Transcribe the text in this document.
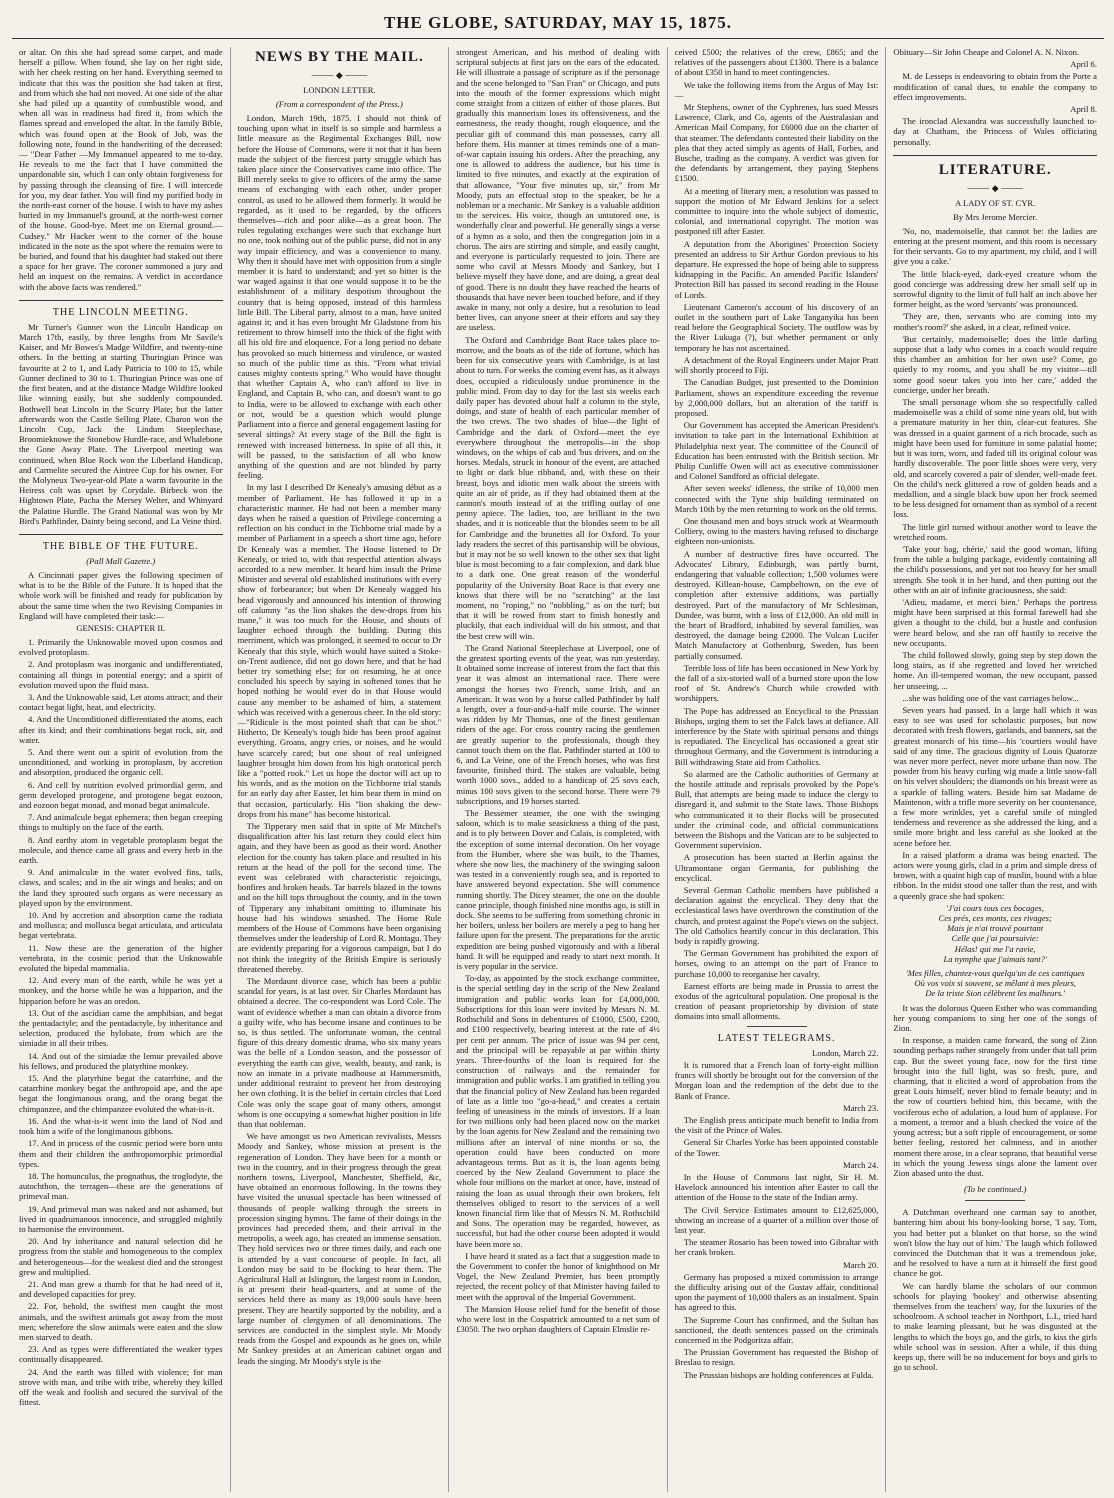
THE GLOBE, SATURDAY, MAY 15, 1875.

or altar. On this she had spread some carpet, and made herself a pillow. When found, she lay on her right side, with her cheek resting on her hand. Everything seemed to indicate that this was the position she had taken at first, and from which she had not moved. At one side of the altar she had piled up a quantity of combustible wood, and when all was in readiness had fired it, from which the flames spread and enveloped the altar. In the family Bible, which was found open at the Book of Job, was the following note, found in the handwriting of the deceased:— "Dear Father —My Immanuel appeared to me to-day. He reveals to me the fact that I have committed the unpardonable sin, which I can only obtain forgiveness for by passing through the cleansing of fire. I will intercede for you, my dear father. You will find my purified body in the north-east corner of the house. I wish to have my ashes buried in my Immanuel's ground, at the north-west corner of the house. Good-bye. Meet me on Eternal ground.—Cudsey." Mr Hacker went to the corner of the house indicated in the note as the spot where the remains were to be buried, and found that his daughter had staked out there a space for her grave. The coroner summoned a jury and held an inquest on the remains. A verdict in accordance with the above facts was rendered."

THE LINCOLN MEETING.

Mr Turner's Gunner won the Lincoln Handicap on March 17th, easily, by three lengths from Mr Savile's Kaiser, and Mr Bowes's Madge Wildfire, and twenty-nine others. In the betting at starting Thuringian Prince was favourite at 2 to 1, and Lady Patricia to 100 to 15, while Gunner declined to 30 to 1. Thuringian Prince was one of the first beaten, and at the distance Madge Wildfire looked like winning easily, but she suddenly compounded. Bothwell beat Lincoln in the Scurry Plate; but the latter afterwards won the Castle Selling Plate. Charon won the Lincoln Cup, Jack the Lindum Steeplechase, Broomieknowe the Stonebow Hurdle-race, and Whalebone the Gone Away Plate. The Liverpool meeting was continued, when Blue Rock won the Liberland Handicap, and Carmelite secured the Aintree Cup for his owner. For the Molyneux Two-year-old Plate a warm favourite in the Heiress colt was upset by Corydale. Birbeck won the Hightown Plate, Pacha the Mersey Welter, and Whinyard the Palatine Hurdle. The Grand National was won by Mr Bird's Pathfinder, Dainty being second, and La Veine third.

THE BIBLE OF THE FUTURE.
(Pall Mall Gazette.)

A Cincinnati paper gives the following specimen of what is to be the Bible of the Future. It is hoped that the whole work will be finished and ready for publication by about the same time when the two Revising Companies in England will have completed their task:—

GENESIS: CHAPTER II.

1. Primarily the Unknowable moved upon cosmos and evolved protoplasm.

2. And protoplasm was inorganic and undifferentiated, containing all things in potential energy; and a spirit of evolution moved upon the fluid mass.

3. And the Unknowable said, Let atoms attract; and their contact begat light, heat, and electricity.

4. And the Unconditioned differentiated the atoms, each after its kind; and their combinations begat rock, air, and water.

5. And there went out a spirit of evolution from the unconditioned, and working in protoplasm, by accretion and absorption, produced the organic cell.

6. And cell by nutrition evolved primordial germ, and germ developed protogene, and protogene begat eozoon, and eozoon begat monad, and monad begat animalcule.

7. And animalcule begat ephemera; then began creeping things to multiply on the face of the earth.

8. And earthy atom in vegetable protoplasm begat the molecule, and thence came all grass and every herb in the earth.

9. And animalculæ in the water evolved fins, tails, claws, and scales; and in the air wings and beaks; and on the land they sprouted such organs as were necessary as played upon by the environment.

10. And by accretion and absorption came the radiata and mollusca; and mollusca begat articulata, and articulata begat vertebrata.

11. Now these are the generation of the higher vertebrata, in the cosmic period that the Unknowable evoluted the bipedal mammalia.

12. And every man of the earth, while he was yet a monkey, and the horse while he was a hipparion, and the hipparion before he was an oredon.

13. Out of the ascidian came the amphibian, and begat the pentadactyle; and the pentadactyle, by inheritance and selection, produced the hylobate, from which are the simiadæ in all their tribes.

14. And out of the simiadæ the lemur prevailed above his fellows, and produced the platyrhine monkey.

15. And the platyrhine begat the catarrhine, and the catarrhine monkey begat the anthropoid ape, and the ape begat the longimanous orang, and the orang begat the chimpanzee, and the chimpanzee evoluted the what-is-it.

16. And the what-is-it went into the land of Nod and took him a wife of the longimanous gibbons.

17. And in process of the cosmic period were born unto them and their children the anthropomorphic primordial types.

18. The homunculus, the prognathus, the troglodyte, the autochthon, the terragen—these are the generations of primeval man.

19. And primeval man was naked and not ashamed, but lived in quadrumanous innocence, and struggled mightily to harmonise the environment.

20. And by inheritance and natural selection did he progress from the stable and homogeneous to the complex and heterogeneous—for the weakest died and the strongest grew and multiplied.

21. And man grew a thumb for that he had need of it, and developed capacities for prey.

22. For, behold, the swiftest men caught the most animals, and the swiftest animals got away from the most men; wherefore the slow animals were eaten and the slow men starved to death.

23. And as types were differentiated the weaker types continually disappeared.

24. And the earth was filled with violence; for man strove with man, and tribe with tribe, whereby they killed off the weak and foolish and secured the survival of the fittest.

NEWS BY THE MAIL.
⸻ ◆ ⸻
LONDON LETTER.
(From a correspondent of the Press.)

London, March 19th, 1875. I should not think of touching upon what in itself is so simple and harmless a little measure as the Regimental Exchanges Bill, now before the House of Commons, were it not that it has been made the subject of the fiercest party struggle which has taken place since the Conservatives came into office. The Bill merely seeks to give to officers of the army the same means of exchanging with each other, under proper control, as used to be allowed them formerly. It would be regarded, as it used to be regarded, by the officers themselves—rich and poor alike—as a great boon. The rules regulating exchanges were such that exchange hurt no one, took nothing out of the public purse, did not in any way impair efficiency, and was a convenience to many. Why then it should have met with opposition from a single member it is hard to understand; and yet so bitter is the war waged against it that one would suppose it to be the establishment of a military despotism throughout the country that is being opposed, instead of this harmless little Bill. The Liberal party, almost to a man, have united against it; and it has even brought Mr Gladstone from his retirement to throw himself into the thick of the fight with all his old fire and eloquence. For a long period no debate has provoked so much bitterness and virulence, or wasted so much of the public time as this. "From what trivial causes mighty contests spring." Who would have thought that whether Captain A, who can't afford to live in England, and Captain B, who can, and doesn't want to go to India, were to be allowed to exchange with each other or not, would be a question which would plunge Parliament into a fierce and general engagement lasting for several sittings? At every stage of the Bill the fight is renewed with increased bitterness. In spite of all this, it will be passed, to the satisfaction of all who know anything of the question and are not blinded by party feeling.

In my last I described Dr Kenealy's amusing début as a member of Parliament. He has followed it up in a characteristic manner. He had not been a member many days when he raised a question of Privilege concerning a reflection on his conduct in the Tichborne trial made by a member of Parliament in a speech a short time ago, before Dr Kenealy was a member. The House listened to Dr Kenealy, or tried to, with that respectful attention always accorded to a new member. It heard him insult the Prime Minister and several old established institutions with every show of forbearance; but when Dr Kenealy wagged his head vigorously and announced his intention of throwing off calumny "as the lion shakes the dew-drops from his mane," it was too much for the House, and shouts of laughter echoed through the building. During this merriment, which was prolonged, it seemed to occur to Dr Kenealy that this style, which would have suited a Stoke-on-Trent audience, did not go down here, and that he had better try something else; for on resuming, he at once concluded his speech by saying in softened tones that he hoped nothing he would ever do in that House would cause any member to be ashamed of him, a statement which was received with a generous cheer. In the old story:—"Ridicule is the most pointed shaft that can be shot." Hitherto, Dr Kenealy's tough hide has been proof against everything. Groans, angry cries, or noises, and he would have scarcely cared; but one shout of real unfeigned laughter brought him down from his high oratorical perch like a "potted rook." Let us hope the doctor will act up to his words, and as the motion on the Tichborne trial stands for an early day after Easter, let him bear them in mind on that occasion, particularly. His "lion shaking the dew-drops from his mane" has become historical.

The Tipperary men said that in spite of Mr Mitchel's disqualification after his last return they could elect him again, and they have been as good as their word. Another election for the county has taken place and resulted in his return at the head of the poll for the second time. The event was celebrated with characteristic rejoicings, bonfires and broken heads. Tar barrels blazed in the towns and on the hill tops throughout the county, and in the town of Tipperary any inhabitant omitting to illuminate his house had his windows smashed. The Home Rule members of the House of Commons have been organising themselves under the leadership of Lord R. Montagu. They are evidently preparing for a vigorous campaign, but I do not think the integrity of the British Empire is seriously threatened thereby.

The Mordaunt divorce case, which has been a public scandal for years, is at last over. Sir Charles Mordaunt has obtained a decree. The co-respondent was Lord Cole. The want of evidence whether a man can obtain a divorce from a guilty wife, who has become insane and continues to be so, is thus settled. The unfortunate woman, the central figure of this dreary domestic drama, who six many years was the belle of a London season, and the possessor of everything the earth can give, wealth, beauty, and rank, is now an inmate in a private madhouse at Hammersmith, under additional restraint to prevent her from destroying her own clothing. It is the belief in certain circles that Lord Cole was only the scape goat of many others, amongst whom is one occupying a somewhat higher position in life than that nobleman.

We have amongst us two American revivalists, Messrs Moody and Sankey, whose mission at present is the regeneration of London. They have been for a month or two in the country, and in their progress through the great northern towns, Liverpool, Manchester, Sheffield, &c, have obtained an enormous following. In the towns they have visited the unusual spectacle has been witnessed of thousands of people walking through the streets in procession singing hymns. The fame of their doings in the provinces had preceded them, and their arrival in the metropolis, a week ago, has created an immense sensation. They hold services two or three times daily, and each one is attended by a vast concourse of people. In fact, all London may be said to be flocking to hear them. The Agricultural Hall at Islington, the largest room in London, is at present their head-quarters, and at some of the services held there as many as 19,000 souls have been present. They are heartily supported by the nobility, and a large number of clergymen of all denominations. The services are conducted in the simplest style. Mr Moody reads from the Gospel and expounds as he goes on, while Mr Sankey presides at an American cabinet organ and leads the singing. Mr Moody's style is the

strongest American, and his method of dealing with scriptural subjects at first jars on the ears of the educated. He will illustrate a passage of scripture as if the personage and the scene belonged to "San Fran" or Chicago, and puts into the mouth of the former expressions which might come straight from a citizen of either of those places. But gradually this mannerism loses its offensiveness, and the earnestness, the ready thought, rough eloquence, and the peculiar gift of command this man possesses, carry all before them. His manner at times reminds one of a man-of-war captain issuing his orders. After the preaching, any one is allowed to address the audience, but his time is limited to five minutes, and exactly at the expiration of that allowance, "Your five minutes up, sir," from Mr Moody, puts an effectual stop to the speaker, be he a nobleman or a mechanic. Mr Sankey is a valuable addition to the services. His voice, though an untutored one, is wonderfully clear and powerful. He generally sings a verse of a hymn as a solo, and then the congregation join in a chorus. The airs are stirring and simple, and easily caught, and everyone is particularly requested to join. There are some who cavil at Messrs Moody and Sankey, but I believe myself they have done, and are doing, a great deal of good. There is no doubt they have reached the hearts of thousands that have never been touched before, and if they awake in many, not only a desire, but a resolution to lead better lives, can anyone sneer at their efforts and say they are useless.

The Oxford and Cambridge Boat Race takes place to-morrow, and the boats as of the tide of fortune, which has been for six consecutive years with Cambridge, is at last about to turn. For weeks the coming event has, as it always does, occupied a ridiculously undue prominence in the public mind. From day to day for the last six weeks each daily paper has devoted about half a column to the style, doings, and state of health of each particular member of the two crews. The two shades of blue—the light of Cambridge and the dark of Oxford—meet the eye everywhere throughout the metropolis—in the shop windows, on the whips of cab and 'bus drivers, and on the horses. Medals, struck in honour of the event, are attached to light or dark blue ribband, and, with these on their breast, boys and idiotic men walk about the streets with quite an air of pride, as if they had obtained them at the cannon's mouth instead of at the trifling outlay of one penny apiece. The ladies, too, are brilliant in the two shades, and it is noticeable that the blondes seem to be all for Cambridge and the brunettes all for Oxford. To your lady readers the secret of this partisanship will be obvious, but it may not be so well known to the other sex that light blue is most becoming to a fair complexion, and dark blue to a dark one. One great reason of the wonderful popularity of the University Boat Race is that every one knows that there will be no "scratching" at the last moment, no "roping," no "nobbling," as on the turf; but that it will be rowed from start to finish honestly and pluckily, that each individual will do his utmost, and that the best crew will win.

The Grand National Steeplechase at Liverpool, one of the greatest sporting events of the year, was run yesterday. It obtained some increase of interest from the fact that this year it was almost an international race. There were amongst the horses two French, some Irish, and an American. It was won by a horse called Pathfinder by half a length, over a four-and-a-half mile course. The winner was ridden by Mr Thomas, one of the finest gentleman riders of the age. For cross country racing the gentlemen are greatly superior to the professionals, though they cannot touch them on the flat. Pathfinder started at 100 to 6, and La Veine, one of the French horses, who was first favourite, finished third. The stakes are valuable, being worth 1000 sovs., added to a handicap of 25 sovs each, minus 100 sovs given to the second horse. There were 79 subscriptions, and 19 horses started.

The Bessemer steamer, the one with the swinging saloon, which is to make seasickness a thing of the past, and is to ply between Dover and Calais, is completed, with the exception of some internal decoration. On her voyage from the Humber, where she was built, to the Thames, where she now lies, the machinery of the swinging saloon was tested in a conveniently rough sea, and is reported to have answered beyond expectation. She will commence running shortly. The Dicey steamer, the one on the double canoe principle, though finished nine months ago, is still in dock. She seems to be suffering from something chronic in her boilers, unless her boilers are merely a peg to hang her failure upon for the present. The preparations for the arctic expedition are being pushed vigorously and with a liberal hand. It will be equipped and ready to start next month. It is very popular in the service.

To-day, as appointed by the stock exchange committee, is the special settling day in the scrip of the New Zealand immigration and public works loan for £4,000,000. Subscriptions for this loan were invited by Messrs N. M. Rothschild and Sons in debentures of £1000, £500, £200, and £100 respectively, bearing interest at the rate of 4½ per cent per annum. The price of issue was 94 per cent, and the principal will be repayable at par within thirty years. Three-fourths of the loan is required for the construction of railways and the remainder for immigration and public works. I am gratified in telling you that the financial policy of New Zealand has been regarded of late as a little too "go-a-head," and creates a certain feeling of uneasiness in the minds of investors. If a loan for two millions only had been placed now on the market by the loan agents for New Zealand and the remaining two millions after an interval of nine months or so, the operation could have been conducted on more advantageous terms. But as it is, the loan agents being coerced by the New Zealand Government to place the whole four millions on the market at once, have, instead of raising the loan as usual through their own brokers, felt themselves obliged to resort to the services of a well known financial firm like that of Messrs N. M. Rothschild and Sons. The operation may be regarded, however, as successful, but had the other course been adopted it would have been more so.

I have heard it stated as a fact that a suggestion made to the Government to confer the honor of knighthood on Mr Vogel, the New Zealand Premier, has been promptly rejected, the recent policy of that Minister having failed to meet with the approval of the Imperial Government.

The Mansion House relief fund for the benefit of those who were lost in the Cospatrick amounted to a net sum of £3050. The two orphan daughters of Captain Elmslie re-

ceived £500; the relatives of the crew, £865; and the relatives of the passengers about £1300. There is a balance of about £350 in hand to meet contingencies.

We take the following items from the Argus of May 1st:—

Mr Stephens, owner of the Cyphrenes, has sued Messrs Lawrence, Clark, and Co, agents of the Australasian and American Mail Company, for £6000 due on the charter of that steamer. The defendants contested their liability on the plea that they acted simply as agents of Hall, Forbes, and Busche, trading as the company. A verdict was given for the defendants by arrangement, they paying Stephens £1500.

At a meeting of literary men, a resolution was passed to support the motion of Mr Edward Jenkins for a select committee to inquire into the whole subject of domestic, colonial, and international copyright. The motion was postponed till after Easter.

A deputation from the Aborigines' Protection Society presented an address to Sir Arthur Gordon previous to his departure. He expressed the hope of being able to suppress kidnapping in the Pacific. An amended Pacific Islanders' Protection Bill has passed its second reading in the House of Lords.

Lieutenant Cameron's account of his discovery of an outlet in the southern part of Lake Tanganyika has been read before the Geographical Society. The outflow was by the River Lukuga (?), but whether permanent or only temporary he has not ascertained.

A detachment of the Royal Engineers under Major Pratt will shortly proceed to Fiji.

The Canadian Budget, just presented to the Dominion Parliament, shows an expenditure exceeding the revenue by 2,000,000 dollars, but an alteration of the tariff is proposed.

Our Government has accepted the American President's invitation to take part in the International Exhibition at Philadelphia next year. The committee of the Council of Education has been entrusted with the British section. Mr Philip Cunliffe Owen will act as executive commissioner and Colonel Sandford as official delegate.

After seven weeks' idleness, the strike of 10,000 men connected with the Tyne ship building terminated on March 10th by the men returning to work on the old terms.

One thousand men and boys struck work at Wearmouth Colliery, owing to the masters having refused to discharge eighteen non-unionists.

A number of destructive fires have occurred. The Advocates' Library, Edinburgh, was partly burnt, endangering that valuable collection; 1,500 volumes were destroyed. Killean-house, Campbeltown, on the eve of completion after extensive additions, was partially destroyed. Part of the manufactory of Mr Schlesiman, Dundee, was burnt, with a loss of £12,000. An old mill in the heart of Bradford, inhabited by several families, was destroyed, the damage being £2000. The Vulcan Lucifer Match Manufactory at Gothenburg, Sweden, has been partially consumed.

Terrible loss of life has been occasioned in New York by the fall of a six-storied wall of a burned store upon the low roof of St. Andrew's Church while crowded with worshippers.

The Pope has addressed an Encyclical to the Prussian Bishops, urging them to set the Falck laws at defiance. All interference by the State with spiritual persons and things is repudiated. The Encyclical has occasioned a great stir throughout Germany, and the Government is introducing a Bill withdrawing State aid from Catholics.

So alarmed are the Catholic authorities of Germany at the hostile attitude and reprisals provoked by the Pope's Bull, that attempts are being made to induce the clergy to disregard it, and submit to the State laws. Those Bishops who communicated it to their flocks will be prosecuted under the criminal code, and official communications between the Bishops and the Vatican are to be subjected to Government supervision.

A prosecution has been started at Berlin against the Ultramontane organ Germania, for publishing the encyclical.

Several German Catholic members have published a declaration against the encyclical. They deny that the ecclesiastical laws have overthrown the constitution of the church, and protest against the Pope's views on the subject. The old Catholics heartily concur in this declaration. This body is rapidly growing.

The German Government has prohibited the export of horses, owing to an attempt on the part of France to purchase 10,000 to reorganise her cavalry.

Earnest efforts are being made in Prussia to arrest the exodus of the agricultural population. One proposal is the creation of peasant proprietorship by division of state domains into small allotments.

LATEST TELEGRAMS.

London, March 22.

It is rumored that a French loan of forty-eight million francs will shortly be brought out for the conversion of the Morgan loan and the redemption of the debt due to the Bank of France.

March 23.

The English press anticipate much benefit to India from the visit of the Prince of Wales.

General Sir Charles Yorke has been appointed constable of the Tower.

March 24.

In the House of Commons last night, Sir H. M. Havelock announced his intention after Easter to call the attention of the House to the state of the Indian army.

The Civil Service Estimates amount to £12,625,000, showing an increase of a quarter of a million over those of last year.

The steamer Rosario has been towed into Gibraltar with her crank broken.

March 20.

Germany has proposed a mixed commission to arrange the difficulty arising out of the Gustav affair, conditional upon the payment of 10,000 thalers as an instalment. Spain has agreed to this.

The Supreme Court has confirmed, and the Sultan has sanctioned, the death sentences passed on the criminals concerned in the Podgoritza affair.

The Prussian Government has requested the Bishop of Breslau to resign.

The Prussian bishops are holding conferences at Fulda.

Obituary—Sir John Cheape and Colonel A. N. Nixon.

April 6.

M. de Lesseps is endeavoring to obtain from the Porte a modification of canal dues, to enable the company to effect improvements.

April 8.

The ironclad Alexandra was successfully launched to-day at Chatham, the Princess of Wales officiating personally.

LITERATURE.
⸻ ◆ ⸻
A LADY OF ST. CYR.
By Mrs Jerome Mercier.

'No, no, mademoiselle, that cannot be: the ladies are entering at the present moment, and this room is necessary for their servants. Go to my apartment, my child, and I will give you a cake.'

The little black-eyed, dark-eyed creature whom the good concierge was addressing drew her small self up in sorrowful dignity to the limit of full half an inch above her former height, as the word 'servants' was pronounced.

'They are, then, servants who are coming into my mother's room?' she asked, in a clear, refined voice.

'But certainly, mademoiselle; does the little darling suppose that a lady who comes in a coach would require this chamber an ambition for her own use? Come, go quietly to my rooms, and you shall be my visitor—till some good soeur takes you into her care,' added the concierge, under her breath.

The small personage whom she so respectfully called mademoiselle was a child of some nine years old, but with a premature maturity in her thin, clear-cut features. She was dressed in a quaint garment of a rich brocade, such as might have been used for furniture in some palatial home; but it was torn, worn, and faded till its original colour was hardly discoverable. The poor little shoes were very, very old, and scarcely covered a pair of slender, well-made feet. On the child's neck glittered a row of golden beads and a medallion, and a single black bow upon her frock seemed to be less designed for ornament than as symbol of a recent loss.

The little girl turned without another word to leave the wretched room.

'Take your bag, chérie,' said the good woman, lifting from the table a bulging package, evidently containing all the child's possessions, and yet not too heavy for her small strength. She took it in her hand, and then putting out the other with an air of infinite graciousness, she said:

'Adieu, madame, et merci bien.' Perhaps the portress might have been surprised at this formal farewell had she given a thought to the child, but a hustle and confusion were heard below, and she ran off hastily to receive the new occupants.

The child followed slowly, going step by step down the long stairs, as if she regretted and loved her wretched home. An ill-tempered woman, the new occupant, passed her unseeing, ...

...she was holding one of the vast carriages below...

Seven years had passed. In a large hall which it was easy to see was used for scholastic purposes, but now decorated with fresh flowers, garlands, and banners, sat the greatest monarch of his time—his 'courtiers would have said of any time. The gracious dignity of Louis Quatorze was never more perfect, never more urbane than now. The powder from his heavy curling wig made a little snow-fall on his velvet shoulders; the diamonds on his breast were as a sparkle of falling waters. Beside him sat Madame de Maintenon, with a trifle more severity on her countenance, a few more wrinkles, yet a careful smile of mingled tenderness and reverence as she addressed the king, and a smile more bright and less careful as she looked at the scene before her.

In a raised platform a drama was being enacted. The actors were young girls, clad in a prim and simple dress of brown, with a quaint high cap of muslin, bound with a blue ribbon. In the midst stood one taller than the rest, and with a queenly grace she had spoken:

'J'ai cours tous ces bocages,
Ces prés, ces monts, ces rivages;
Mais je n'ai trouvé pourtant
Celle que j'ai poursuivie:
Hélas! qui me l'a ravie,
La nymphe que j'aimais tant?'
'Mes filles, chantez-vous quelqu'un de ces cantiques
Où vos voix si souvent, se mêlant à mes pleurs,
De la triste Sion célèbrent les malheurs.'

It was the dolorous Queen Esther who was commanding her young companions to sing her one of the songs of Zion.

In response, a maiden came forward, the song of Zion sounding perhaps rather strangely from under that tall prim cap. But the sweet young face, now for the first time brought into the full light, was so fresh, pure, and charming, that it elicited a word of approbation from the great Louis himself, never blind to female beauty; and in the row of courtiers behind him, this became, with the vociferous echo of adulation, a loud hum of applause. For a moment, a tremor and a blush checked the voice of the young actress; but a soft ripple of encouragement, or some better feeling, restored her calmness, and in another moment there arose, in a clear soprano, that beautiful verse in which the young Jewess sings alone the lament over Zion abased unto the dust.

(To be continued.)

A Dutchman overheard one carman say to another, bantering him about his bony-looking horse, 'I say, Tom, you had better put a blanket on that horse, so the wind won't blow the hay out of him.' The laugh which followed convinced the Dutchman that it was a tremendous joke, and he resolved to have a turn at it himself the first good chance he got.

We can hardly blame the scholars of our common schools for playing 'hookey' and otherwise absenting themselves from the teachers' way, for the luxuries of the schoolroom. A school teacher in Northport, L.I., tried hard to make learning pleasant, but he was disgusted at the lengths to which the boys go, and the girls, to kiss the girls while school was in session. After a while, if this thing keeps up, there will be no inducement for boys and girls to go to school.
